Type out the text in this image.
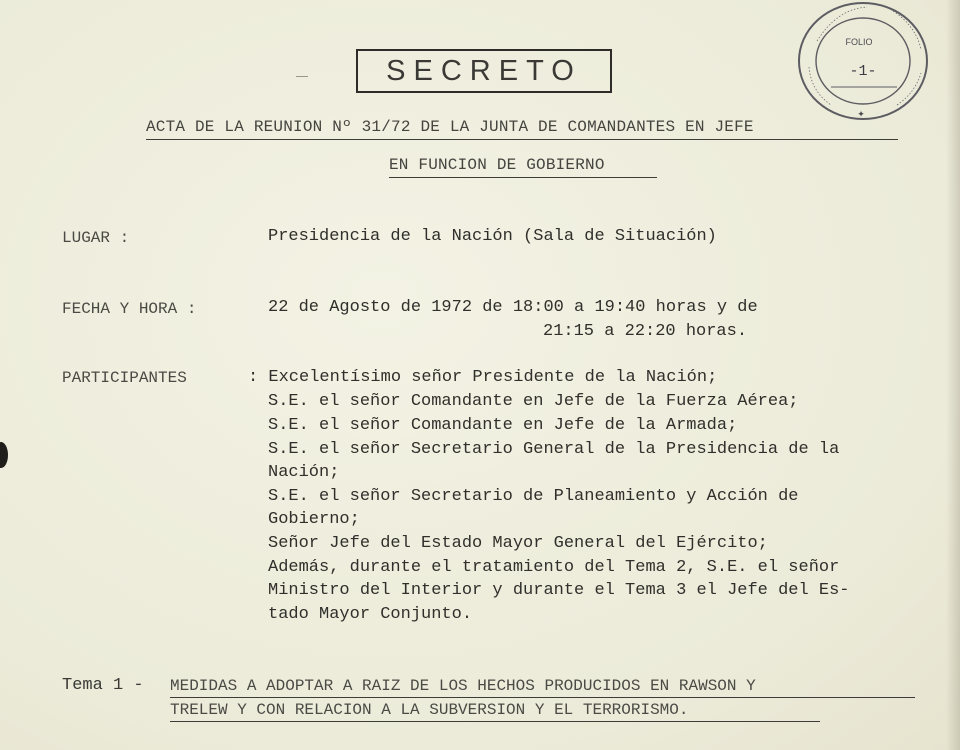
SECRETO
FOLIO
-1-
✦
ACTA DE LA REUNION Nº 31/72 DE LA JUNTA DE COMANDANTES EN JEFE
EN FUNCION DE GOBIERNO
LUGAR :	Presidencia de la Nación (Sala de Situación)
FECHA Y HORA :	22 de Agosto de 1972 de 18:00 a 19:40 horas y de
21:15 a 22:20 horas.
PARTICIPANTES	: Excelentísimo señor Presidente de la Nación;
S.E. el señor Comandante en Jefe de la Fuerza Aérea;
S.E. el señor Comandante en Jefe de la Armada;
S.E. el señor Secretario General de la Presidencia de la
Nación;
S.E. el señor Secretario de Planeamiento y Acción de
Gobierno;
Señor Jefe del Estado Mayor General del Ejército;
Además, durante el tratamiento del Tema 2, S.E. el señor
Ministro del Interior y durante el Tema 3 el Jefe del Es-
tado Mayor Conjunto.
Tema 1 - MEDIDAS A ADOPTAR A RAIZ DE LOS HECHOS PRODUCIDOS EN RAWSON Y
TRELEW Y CON RELACION A LA SUBVERSION Y EL TERRORISMO.
